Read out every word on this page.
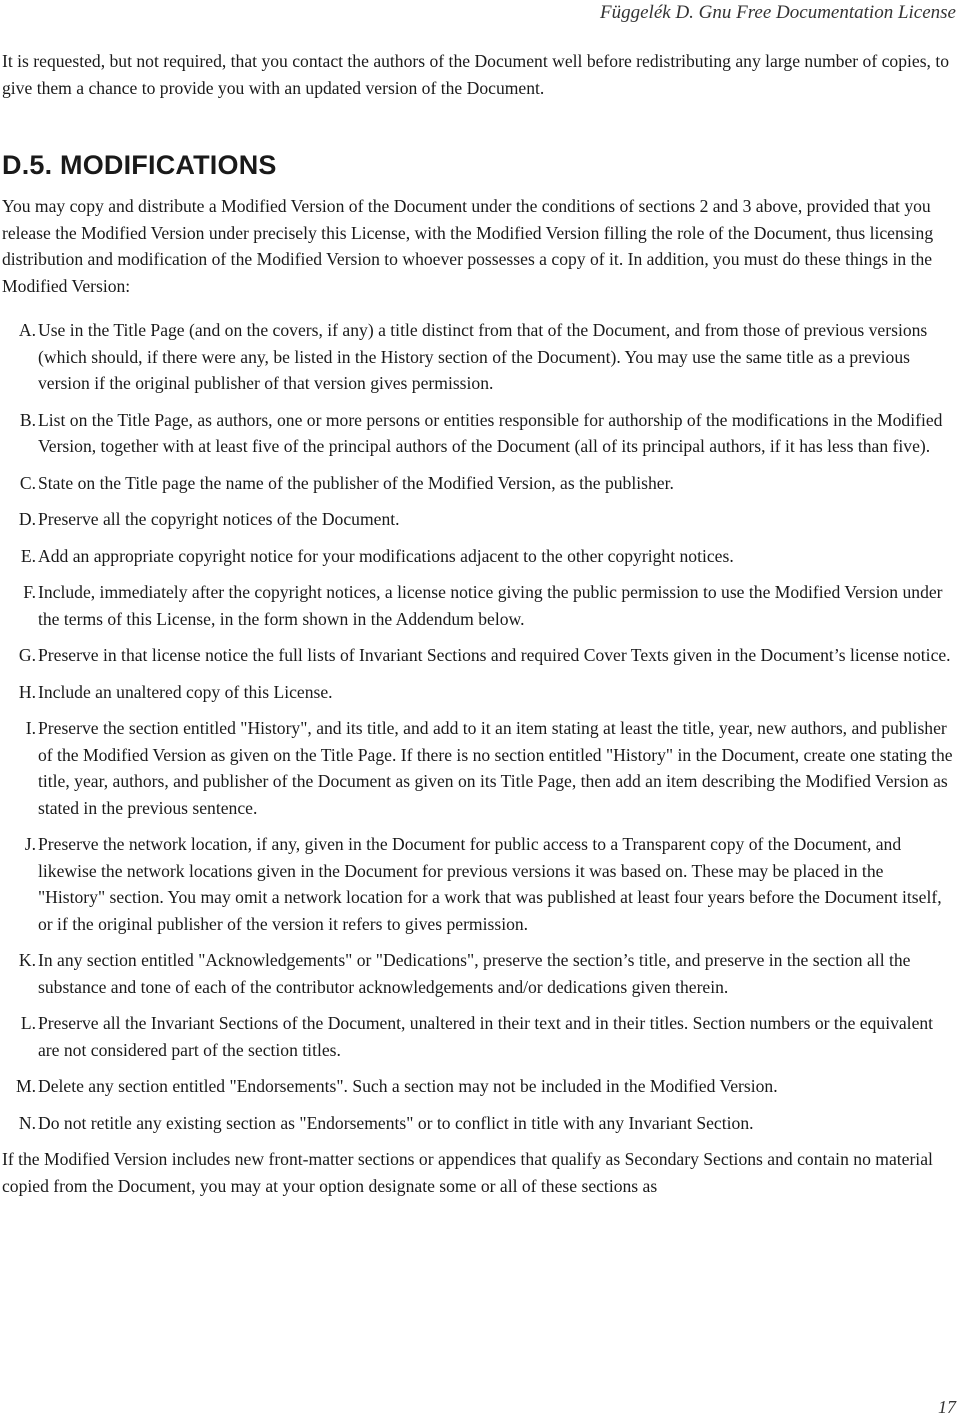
Függelék D. Gnu Free Documentation License

It is requested, but not required, that you contact the authors of the Document well before redistributing any large number of copies, to give them a chance to provide you with an updated version of the Document.

D.5. MODIFICATIONS

You may copy and distribute a Modified Version of the Document under the conditions of sections 2 and 3 above, provided that you release the Modified Version under precisely this License, with the Modified Version filling the role of the Document, thus licensing distribution and modification of the Modified Version to whoever possesses a copy of it. In addition, you must do these things in the Modified Version:

A. Use in the Title Page (and on the covers, if any) a title distinct from that of the Document, and from those of previous versions (which should, if there were any, be listed in the History section of the Document). You may use the same title as a previous version if the original publisher of that version gives permission.
B. List on the Title Page, as authors, one or more persons or entities responsible for authorship of the modifications in the Modified Version, together with at least five of the principal authors of the Document (all of its principal authors, if it has less than five).
C. State on the Title page the name of the publisher of the Modified Version, as the publisher.
D. Preserve all the copyright notices of the Document.
E. Add an appropriate copyright notice for your modifications adjacent to the other copyright notices.
F. Include, immediately after the copyright notices, a license notice giving the public permission to use the Modified Version under the terms of this License, in the form shown in the Addendum below.
G. Preserve in that license notice the full lists of Invariant Sections and required Cover Texts given in the Document’s license notice.
H. Include an unaltered copy of this License.
I. Preserve the section entitled "History", and its title, and add to it an item stating at least the title, year, new authors, and publisher of the Modified Version as given on the Title Page. If there is no section entitled "History" in the Document, create one stating the title, year, authors, and publisher of the Document as given on its Title Page, then add an item describing the Modified Version as stated in the previous sentence.
J. Preserve the network location, if any, given in the Document for public access to a Transparent copy of the Document, and likewise the network locations given in the Document for previous versions it was based on. These may be placed in the "History" section. You may omit a network location for a work that was published at least four years before the Document itself, or if the original publisher of the version it refers to gives permission.
K. In any section entitled "Acknowledgements" or "Dedications", preserve the section’s title, and preserve in the section all the substance and tone of each of the contributor acknowledgements and/or dedications given therein.
L. Preserve all the Invariant Sections of the Document, unaltered in their text and in their titles. Section numbers or the equivalent are not considered part of the section titles.
M. Delete any section entitled "Endorsements". Such a section may not be included in the Modified Version.
N. Do not retitle any existing section as "Endorsements" or to conflict in title with any Invariant Section.

If the Modified Version includes new front-matter sections or appendices that qualify as Secondary Sections and contain no material copied from the Document, you may at your option designate some or all of these sections as

17
